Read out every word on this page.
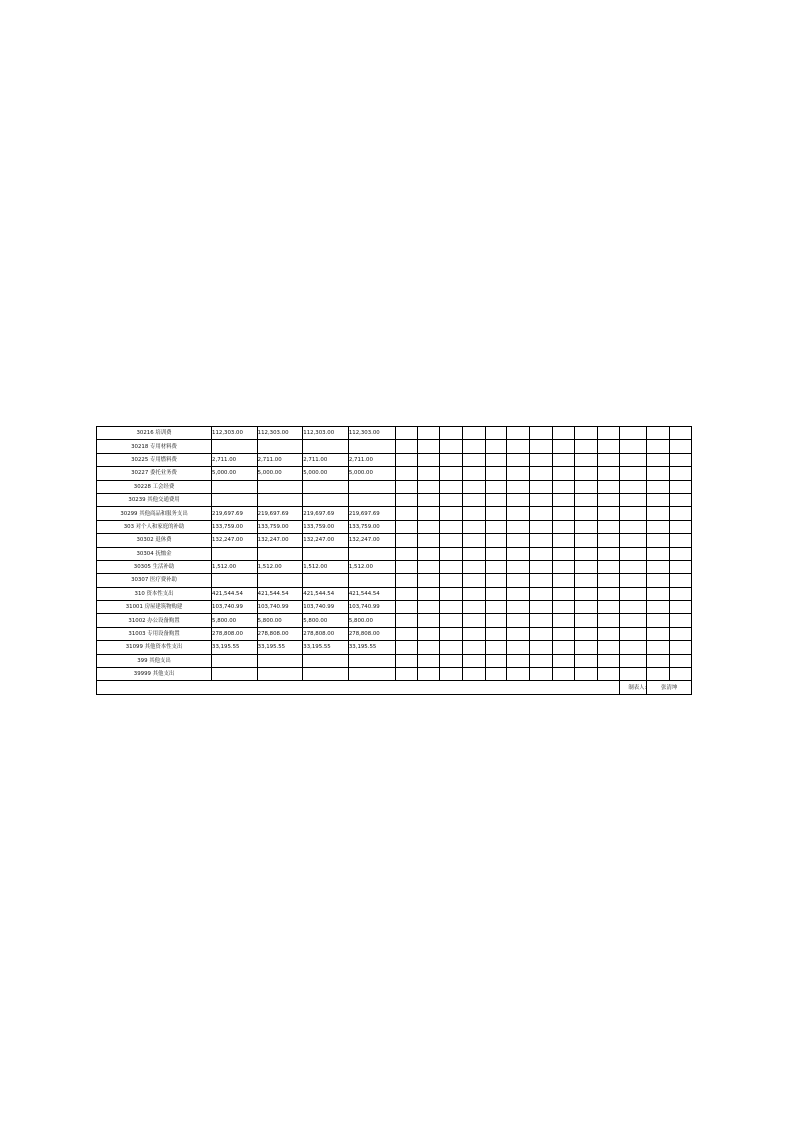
30216 培训费	112,303.00	112,303.00	112,303.00	112,303.00													
30218 专用材料费																	
30225 专用燃料费	2,711.00	2,711.00	2,711.00	2,711.00													
30227 委托业务费	5,000.00	5,000.00	5,000.00	5,000.00													
30228 工会经费																	
30239 其他交通费用																	
30299 其他商品和服务支出	219,697.69	219,697.69	219,697.69	219,697.69													
303 对个人和家庭的补助	133,759.00	133,759.00	133,759.00	133,759.00													
30302 退休费	132,247.00	132,247.00	132,247.00	132,247.00													
30304 抚恤金																	
30305 生活补助	1,512.00	1,512.00	1,512.00	1,512.00													
30307 医疗费补助																	
310 资本性支出	421,544.54	421,544.54	421,544.54	421,544.54													
31001 房屋建筑物购建	103,740.99	103,740.99	103,740.99	103,740.99													
31002 办公设备购置	5,800.00	5,800.00	5,800.00	5,800.00													
31003 专用设备购置	278,808.00	278,808.00	278,808.00	278,808.00													
31099 其他资本性支出	33,195.55	33,195.55	33,195.55	33,195.55													
399 其他支出																	
39999 其他支出																	
															制表人:	张清坤	
